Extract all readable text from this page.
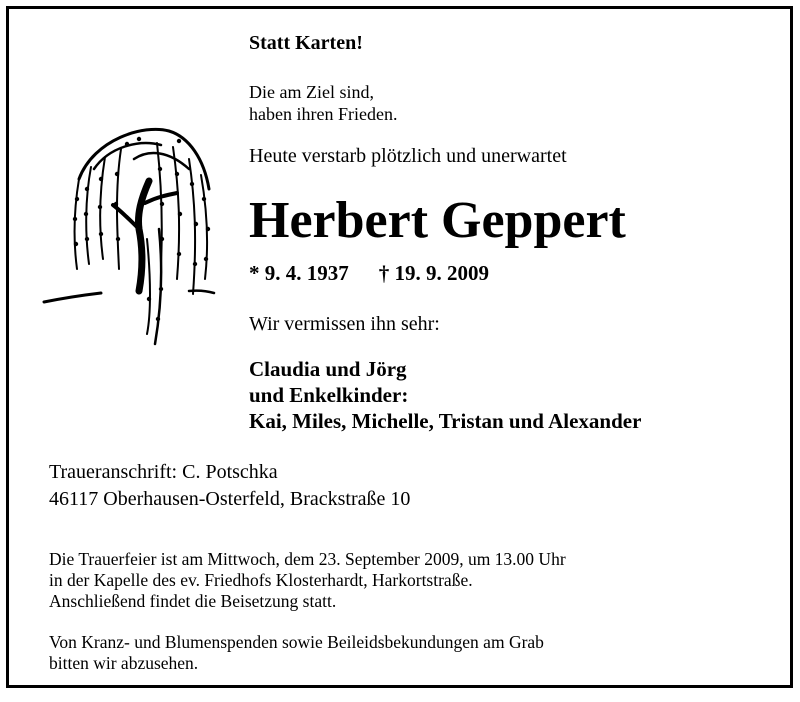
Statt Karten!

Die am Ziel sind,
haben ihren Frieden.

Heute verstarb plötzlich und unerwartet

Herbert Geppert

* 9. 4. 1937 † 19. 9. 2009

Wir vermissen ihn sehr:

Claudia und Jörg
und Enkelkinder:
Kai, Miles, Michelle, Tristan und Alexander
Traueranschrift: C. Potschka
46117 Oberhausen-Osterfeld, Brackstraße 10
Die Trauerfeier ist am Mittwoch, dem 23. September 2009, um 13.00 Uhr
in der Kapelle des ev. Friedhofs Klosterhardt, Harkortstraße.
Anschließend findet die Beisetzung statt.
Von Kranz- und Blumenspenden sowie Beileidsbekundungen am Grab
bitten wir abzusehen.
